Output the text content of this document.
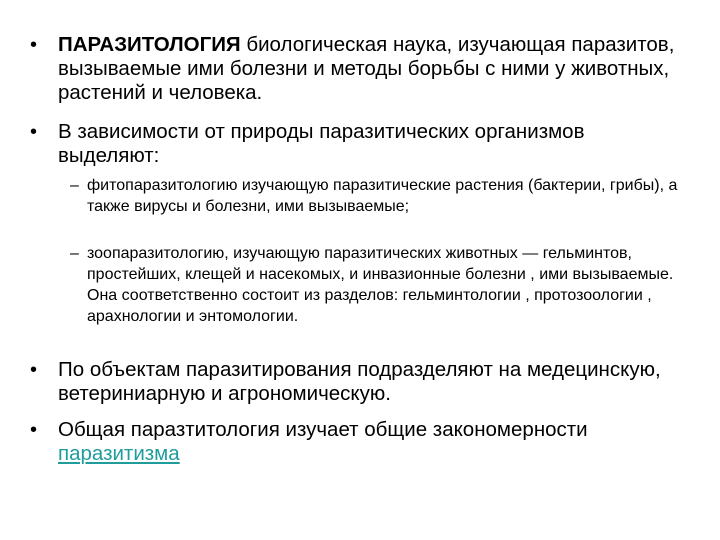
•	ПАРАЗИТОЛОГИЯ биологическая наука, изучающая паразитов, вызываемые ими болезни и методы борьбы с ними у животных, растений и человека.
•	В зависимости от природы паразитических организмов выделяют:
– фитопаразитологию изучающую паразитические растения (бактерии, грибы), а также вирусы и болезни, ими вызываемые;
– зоопаразитологию, изучающую паразитических животных — гельминтов, простейших, клещей и насекомых, и инвазионные болезни , ими вызываемые. Она соответственно состоит из разделов: гельминтологии , протозоологии , арахнологии и энтомологии.
•	По объектам паразитирования подразделяют на медецинскую, ветериниарную и агрономическую.
•	Общая паразтитология изучает общие закономерности паразитизма
